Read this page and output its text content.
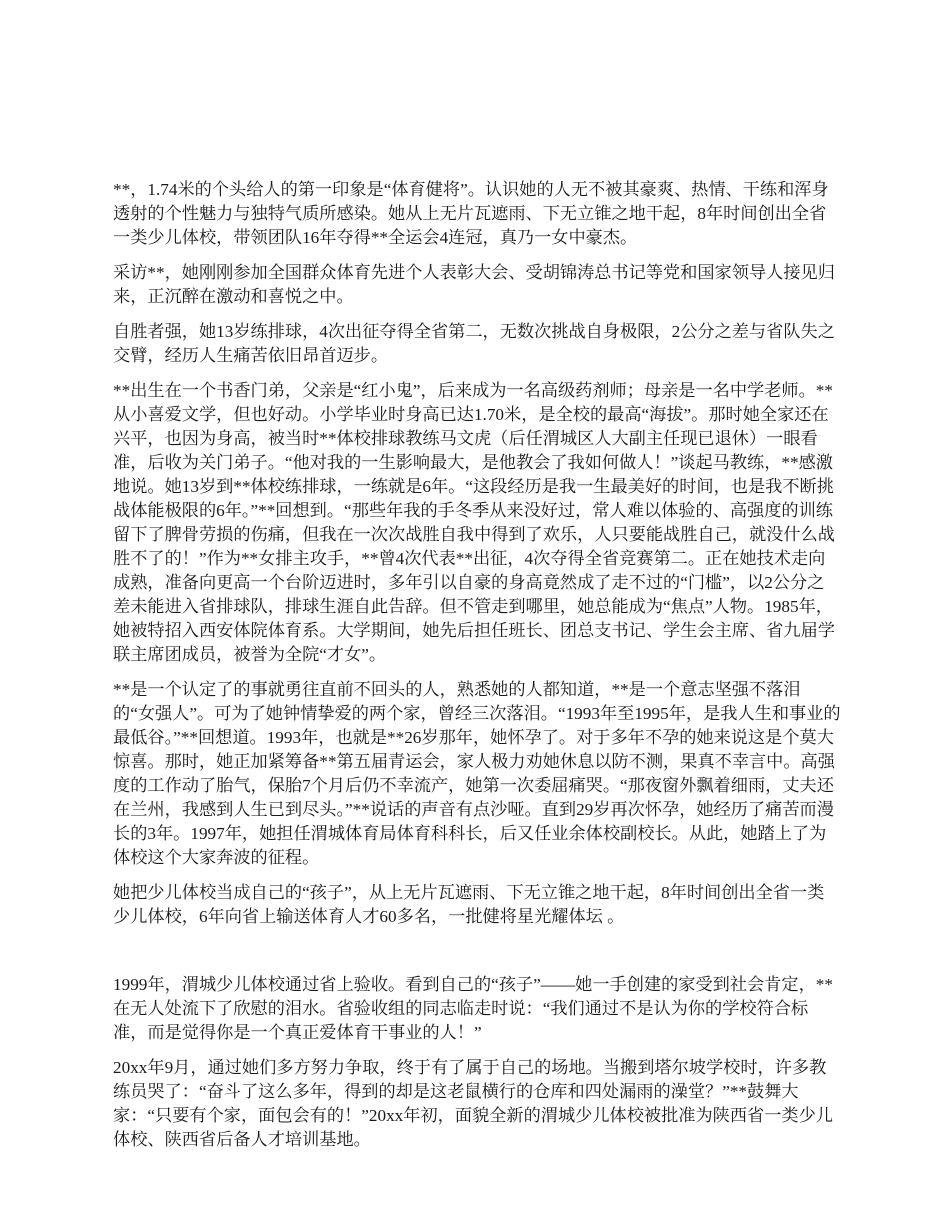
**，1.74米的个头给人的第一印象是“体育健将”。认识她的人无不被其豪爽、热情、干练和浑身透射的个性魅力与独特气质所感染。她从上无片瓦遮雨、下无立锥之地干起，8年时间创出全省一类少儿体校，带领团队16年夺得**全运会4连冠，真乃一女中豪杰。

采访**，她刚刚参加全国群众体育先进个人表彰大会、受胡锦涛总书记等党和国家领导人接见归来，正沉醉在激动和喜悦之中。

自胜者强，她13岁练排球，4次出征夺得全省第二，无数次挑战自身极限，2公分之差与省队失之交臂，经历人生痛苦依旧昂首迈步。

**出生在一个书香门弟，父亲是“红小鬼”，后来成为一名高级药剂师；母亲是一名中学老师。**从小喜爱文学，但也好动。小学毕业时身高已达1.70米，是全校的最高“海拔”。那时她全家还在兴平，也因为身高，被当时**体校排球教练马文虎（后任渭城区人大副主任现已退休）一眼看准，后收为关门弟子。“他对我的一生影响最大，是他教会了我如何做人！”谈起马教练，**感激地说。她13岁到**体校练排球，一练就是6年。“这段经历是我一生最美好的时间，也是我不断挑战体能极限的6年。”**回想到。“那些年我的手冬季从来没好过，常人难以体验的、高强度的训练留下了脾骨劳损的伤痛，但我在一次次战胜自我中得到了欢乐，人只要能战胜自己，就没什么战胜不了的！”作为**女排主攻手，**曾4次代表**出征，4次夺得全省竞赛第二。正在她技术走向成熟，准备向更高一个台阶迈进时，多年引以自豪的身高竟然成了走不过的“门槛”，以2公分之差未能进入省排球队，排球生涯自此告辞。但不管走到哪里，她总能成为“焦点”人物。1985年，她被特招入西安体院体育系。大学期间，她先后担任班长、团总支书记、学生会主席、省九届学联主席团成员，被誉为全院“才女”。

**是一个认定了的事就勇往直前不回头的人，熟悉她的人都知道，**是一个意志坚强不落泪的“女强人”。可为了她钟情挚爱的两个家，曾经三次落泪。“1993年至1995年，是我人生和事业的最低谷。”**回想道。1993年，也就是**26岁那年，她怀孕了。对于多年不孕的她来说这是个莫大惊喜。那时，她正加紧筹备**第五届青运会，家人极力劝她休息以防不测，果真不幸言中。高强度的工作动了胎气，保胎7个月后仍不幸流产，她第一次委屈痛哭。“那夜窗外飘着细雨，丈夫还在兰州，我感到人生已到尽头。”**说话的声音有点沙哑。直到29岁再次怀孕，她经历了痛苦而漫长的3年。1997年，她担任渭城体育局体育科科长，后又任业余体校副校长。从此，她踏上了为体校这个大家奔波的征程。

她把少儿体校当成自己的“孩子”，从上无片瓦遮雨、下无立锥之地干起，8年时间创出全省一类少儿体校，6年向省上输送体育人才60多名，一批健将星光耀体坛 。

1999年，渭城少儿体校通过省上验收。看到自己的“孩子”——她一手创建的家受到社会肯定，**在无人处流下了欣慰的泪水。省验收组的同志临走时说：“我们通过不是认为你的学校符合标准，而是觉得你是一个真正爱体育干事业的人！”

20xx年9月，通过她们多方努力争取，终于有了属于自己的场地。当搬到塔尔坡学校时，许多教练员哭了：“奋斗了这么多年，得到的却是这老鼠横行的仓库和四处漏雨的澡堂？”**鼓舞大家：“只要有个家，面包会有的！”20xx年初，面貌全新的渭城少儿体校被批准为陕西省一类少儿体校、陕西省后备人才培训基地。
